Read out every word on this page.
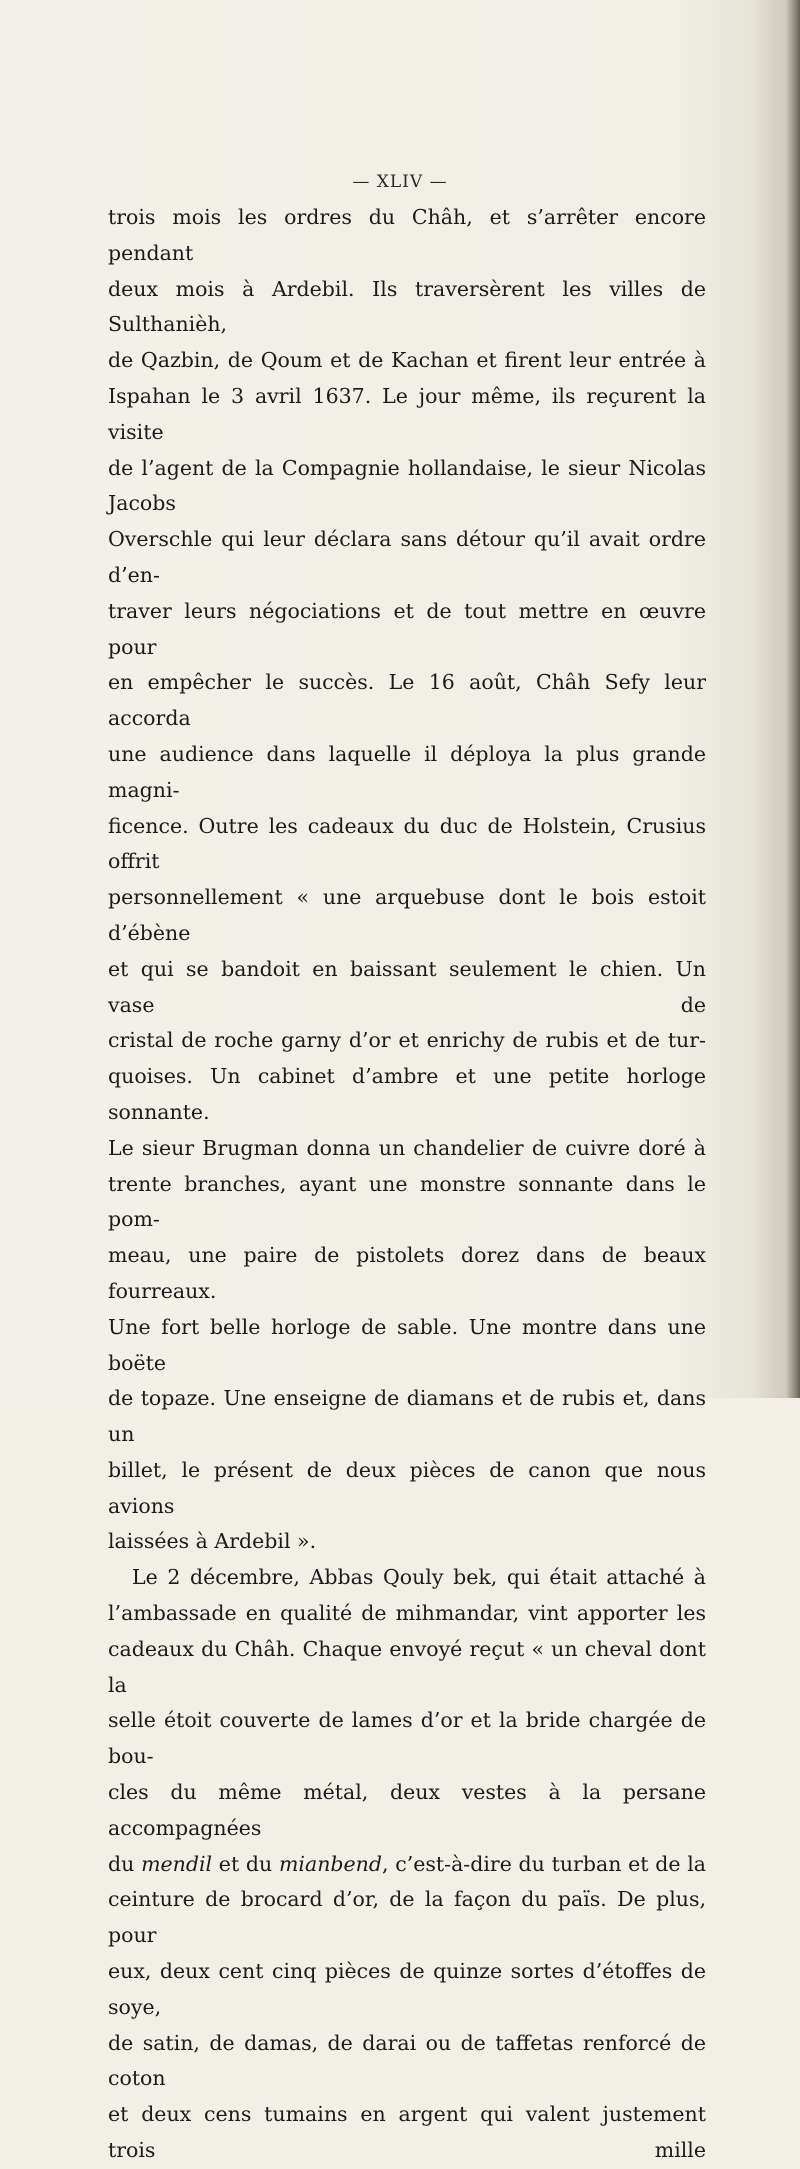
— XLIV —

trois mois les ordres du Châh, et s’arrêter encore pendant

deux mois à Ardebil. Ils traversèrent les villes de Sulthanièh,

de Qazbin, de Qoum et de Kachan et firent leur entrée à

Ispahan le 3 avril 1637. Le jour même, ils reçurent la visite

de l’agent de la Compagnie hollandaise, le sieur Nicolas Jacobs

Overschle qui leur déclara sans détour qu’il avait ordre d’en-

traver leurs négociations et de tout mettre en œuvre pour

en empêcher le succès. Le 16 août, Châh Sefy leur accorda

une audience dans laquelle il déploya la plus grande magni-

ficence. Outre les cadeaux du duc de Holstein, Crusius offrit

personnellement « une arquebuse dont le bois estoit d’ébène

et qui se bandoit en baissant seulement le chien. Un vase de

cristal de roche garny d’or et enrichy de rubis et de tur-

quoises. Un cabinet d’ambre et une petite horloge sonnante.

Le sieur Brugman donna un chandelier de cuivre doré à

trente branches, ayant une monstre sonnante dans le pom-

meau, une paire de pistolets dorez dans de beaux fourreaux.

Une fort belle horloge de sable. Une montre dans une boëte

de topaze. Une enseigne de diamans et de rubis et, dans un

billet, le présent de deux pièces de canon que nous avions

laissées à Ardebil ».

Le 2 décembre, Abbas Qouly bek, qui était attaché à

l’ambassade en qualité de mihmandar, vint apporter les

cadeaux du Châh. Chaque envoyé reçut « un cheval dont la

selle étoit couverte de lames d’or et la bride chargée de bou-

cles du même métal, deux vestes à la persane accompagnées

du mendil et du mianbend, c’est-à-dire du turban et de la

ceinture de brocard d’or, de la façon du païs. De plus, pour

eux, deux cent cinq pièces de quinze sortes d’étoffes de soye,

de satin, de damas, de darai ou de taffetas renforcé de coton

et deux cens tumains en argent qui valent justement trois mille
